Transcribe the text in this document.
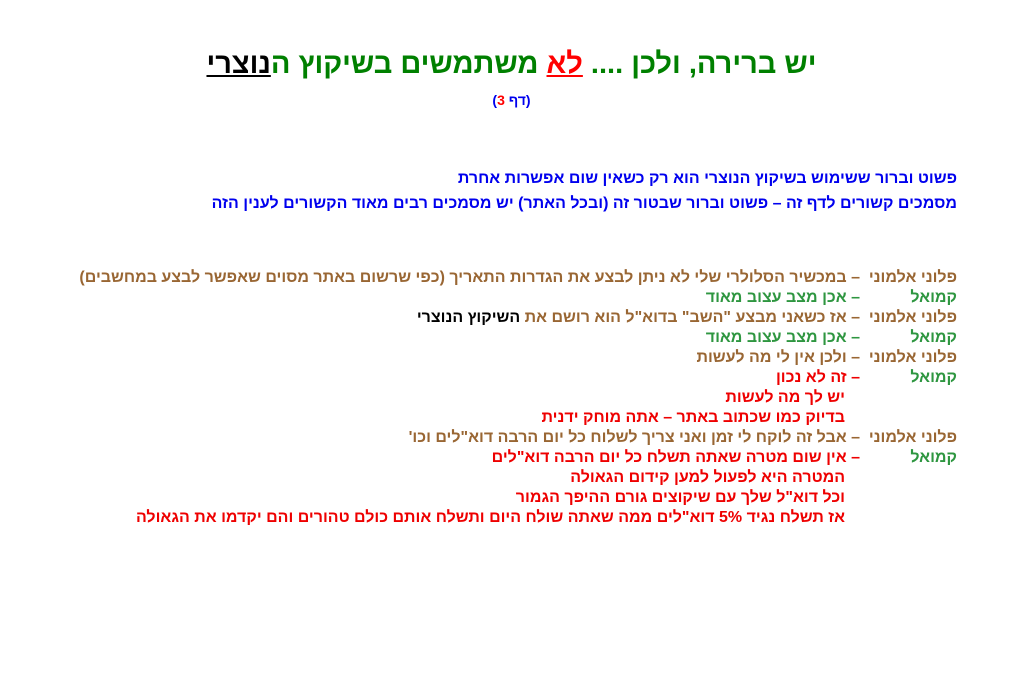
יש ברירה, ולכן .... לא משתמשים בשיקוץ הנוצרי
(דף 3)
פשוט וברור ששימוש בשיקוץ הנוצרי הוא רק כשאין שום אפשרות אחרת
מסמכים קשורים לדף זה – פשוט וברור שבטור זה (ובכל האתר) יש מסמכים רבים מאוד הקשורים לענין הזה
פלוני אלמוני
– במכשיר הסלולרי שלי לא ניתן לבצע את הגדרות התאריך (כפי שרשום באתר מסוים שאפשר לבצע במחשבים)
קמואל
– אכן מצב עצוב מאוד
פלוני אלמוני
– אז כשאני מבצע "השב" בדוא"ל הוא רושם את השיקוץ הנוצרי
קמואל
– אכן מצב עצוב מאוד
פלוני אלמוני
– ולכן אין לי מה לעשות
קמואל
– זה לא נכון
יש לך מה לעשות
בדיוק כמו שכתוב באתר – אתה מוחק ידנית
פלוני אלמוני
– אבל זה לוקח לי זמן ואני צריך לשלוח כל יום הרבה דוא"לים וכו'
קמואל
– אין שום מטרה שאתה תשלח כל יום הרבה דוא"לים
המטרה היא לפעול למען קידום הגאולה
וכל דוא"ל שלך עם שיקוצים גורם ההיפך הגמור
אז תשלח נגיד 5% דוא"לים ממה שאתה שולח היום ותשלח אותם כולם טהורים והם יקדמו את הגאולה
